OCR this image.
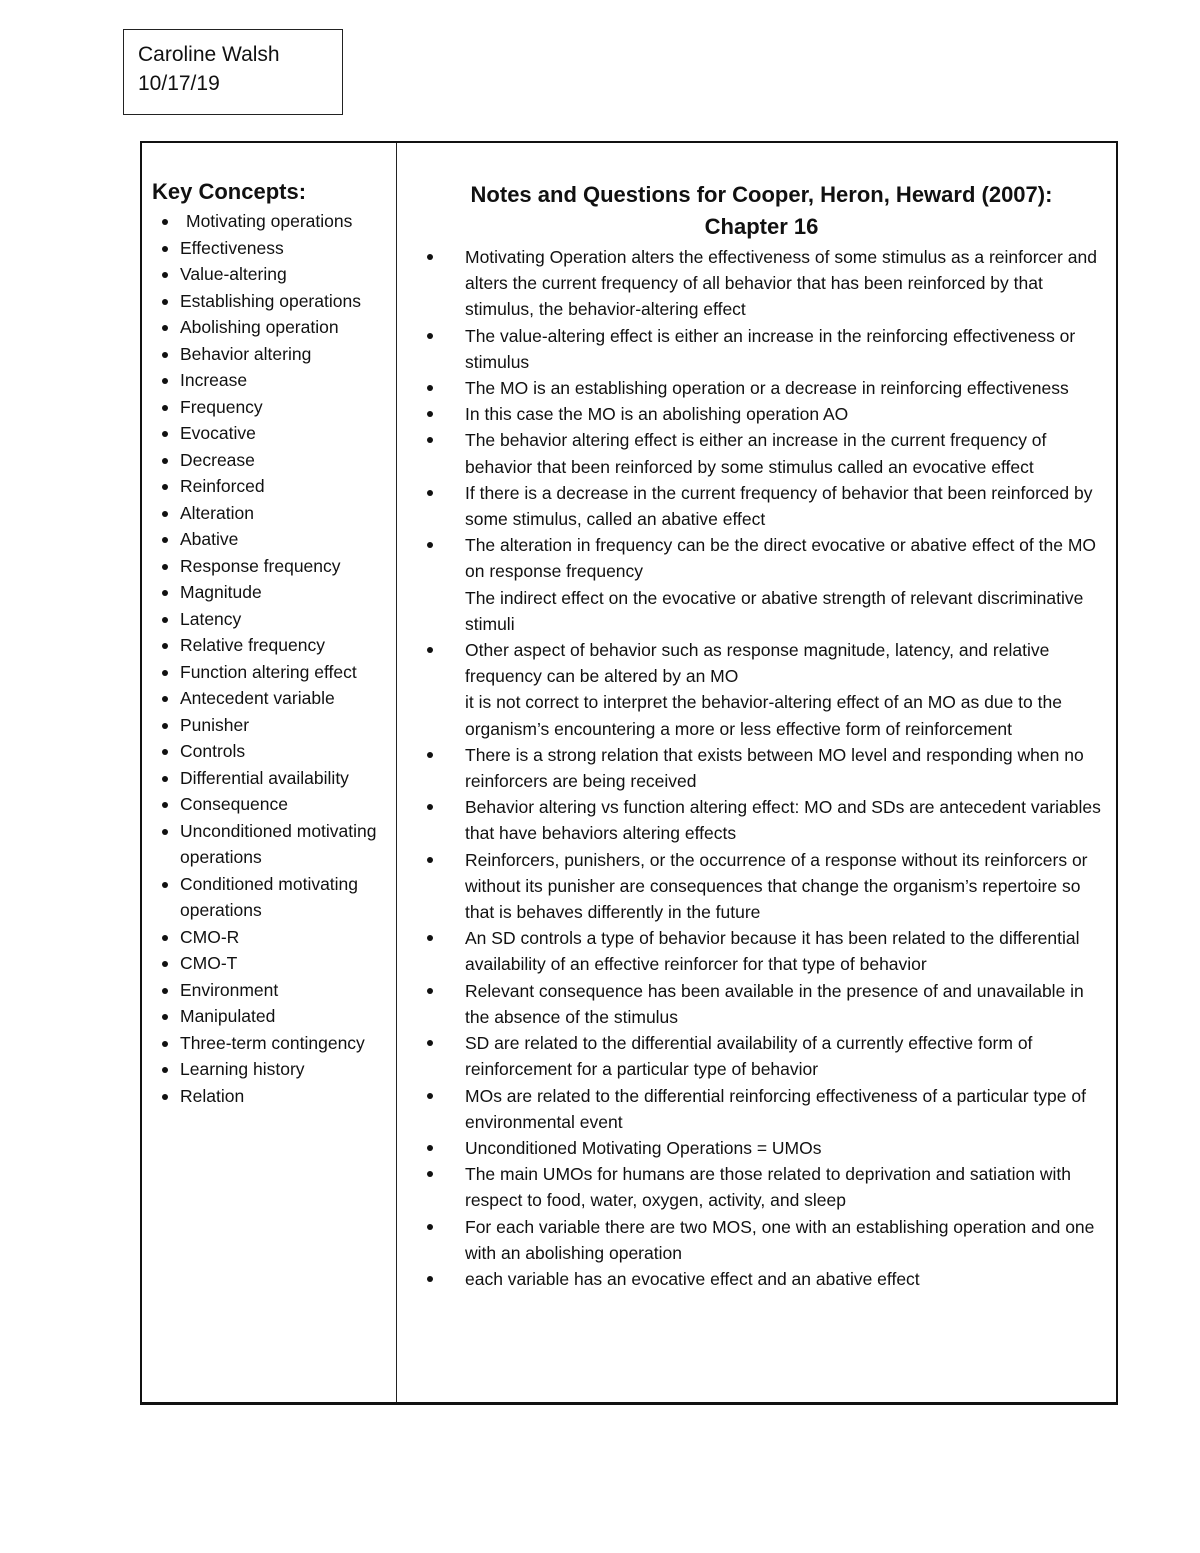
Caroline Walsh
10/17/19
Key Concepts:
Motivating operations
Effectiveness
Value-altering
Establishing operations
Abolishing operation
Behavior altering
Increase
Frequency
Evocative
Decrease
Reinforced
Alteration
Abative
Response frequency
Magnitude
Latency
Relative frequency
Function altering effect
Antecedent variable
Punisher
Controls
Differential availability
Consequence
Unconditioned motivating operations
Conditioned motivating operations
CMO-R
CMO-T
Environment
Manipulated
Three-term contingency
Learning history
Relation
Notes and Questions for Cooper, Heron, Heward (2007):
Chapter 16
Motivating Operation alters the effectiveness of some stimulus as a reinforcer and alters the current frequency of all behavior that has been reinforced by that stimulus, the behavior-altering effect
The value-altering effect is either an increase in the reinforcing effectiveness or stimulus
The MO is an establishing operation or a decrease in reinforcing effectiveness
In this case the MO is an abolishing operation AO
The behavior altering effect is either an increase in the current frequency of behavior that been reinforced by some stimulus called an evocative effect
If there is a decrease in the current frequency of behavior that been reinforced by some stimulus, called an abative effect
The alteration in frequency can be the direct evocative or abative effect of the MO on response frequency
The indirect effect on the evocative or abative strength of relevant discriminative stimuli
Other aspect of behavior such as response magnitude, latency, and relative frequency can be altered by an MO
it is not correct to interpret the behavior-altering effect of an MO as due to the organism’s encountering a more or less effective form of reinforcement
There is a strong relation that exists between MO level and responding when no reinforcers are being received
Behavior altering vs function altering effect: MO and SDs are antecedent variables that have behaviors altering effects
Reinforcers, punishers, or the occurrence of a response without its reinforcers or without its punisher are consequences that change the organism’s repertoire so that is behaves differently in the future
An SD controls a type of behavior because it has been related to the differential availability of an effective reinforcer for that type of behavior
Relevant consequence has been available in the presence of and unavailable in the absence of the stimulus
SD are related to the differential availability of a currently effective form of reinforcement for a particular type of behavior
MOs are related to the differential reinforcing effectiveness of a particular type of environmental event
Unconditioned Motivating Operations = UMOs
The main UMOs for humans are those related to deprivation and satiation with respect to food, water, oxygen, activity, and sleep
For each variable there are two MOS, one with an establishing operation and one with an abolishing operation
each variable has an evocative effect and an abative effect
